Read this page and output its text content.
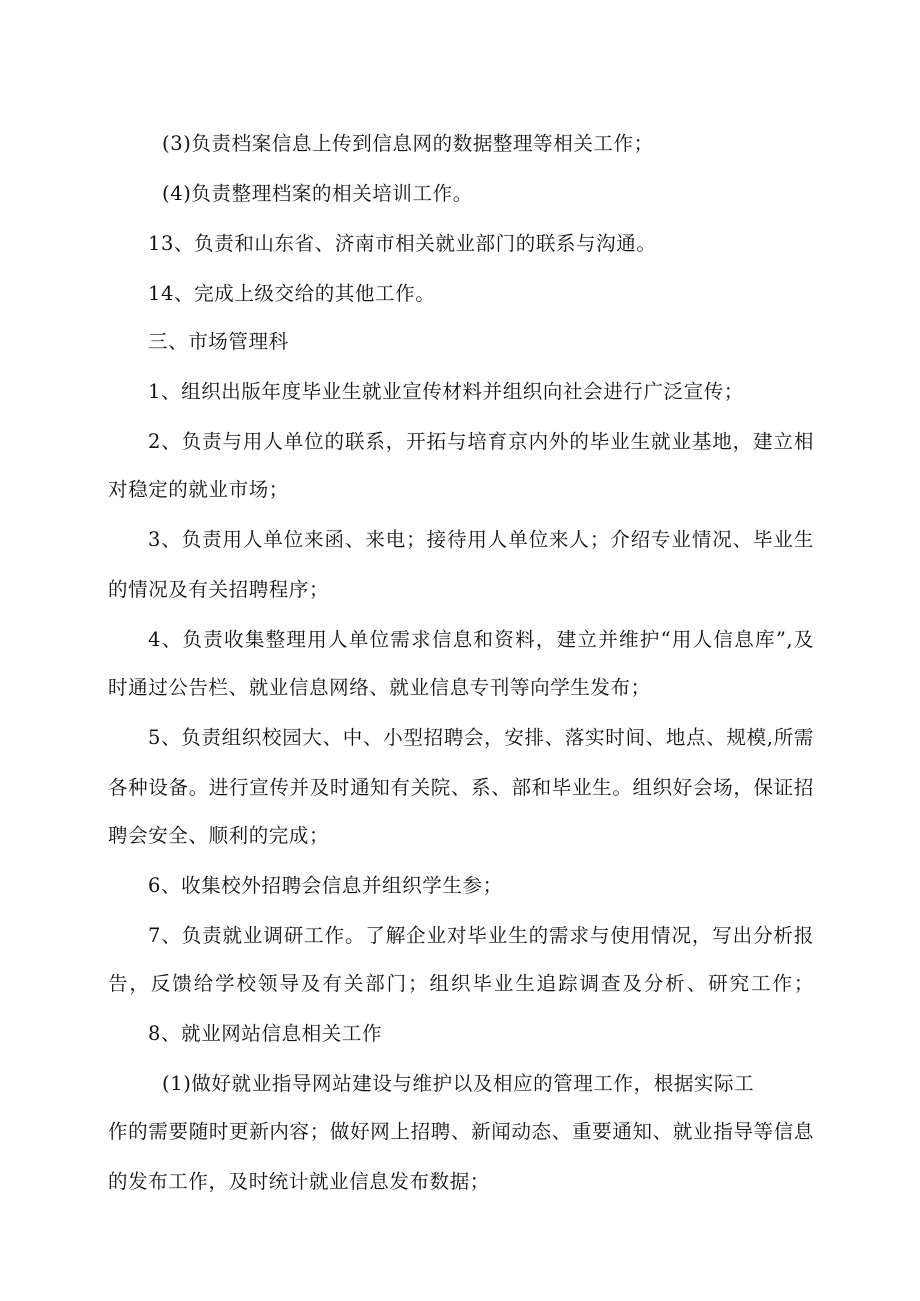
(3)负责档案信息上传到信息网的数据整理等相关工作；
(4)负责整理档案的相关培训工作。
13、负责和山东省、济南市相关就业部门的联系与沟通。
14、完成上级交给的其他工作。
三、市场管理科
1、组织出版年度毕业生就业宣传材料并组织向社会进行广泛宣传；
2、负责与用人单位的联系，开拓与培育京内外的毕业生就业基地，建立相
对稳定的就业市场；
3、负责用人单位来函、来电；接待用人单位来人；介绍专业情况、毕业生
的情况及有关招聘程序；
4、负责收集整理用人单位需求信息和资料，建立并维护“用人信息库”,及
时通过公告栏、就业信息网络、就业信息专刊等向学生发布；
5、负责组织校园大、中、小型招聘会，安排、落实时间、地点、规模,所需
各种设备。进行宣传并及时通知有关院、系、部和毕业生。组织好会场，保证招
聘会安全、顺利的完成；
6、收集校外招聘会信息并组织学生参；
7、负责就业调研工作。了解企业对毕业生的需求与使用情况，写出分析报
告，反馈给学校领导及有关部门；组织毕业生追踪调查及分析、研究工作；
8、就业网站信息相关工作
(1)做好就业指导网站建设与维护以及相应的管理工作，根据实际工
作的需要随时更新内容；做好网上招聘、新闻动态、重要通知、就业指导等信息
的发布工作，及时统计就业信息发布数据；
